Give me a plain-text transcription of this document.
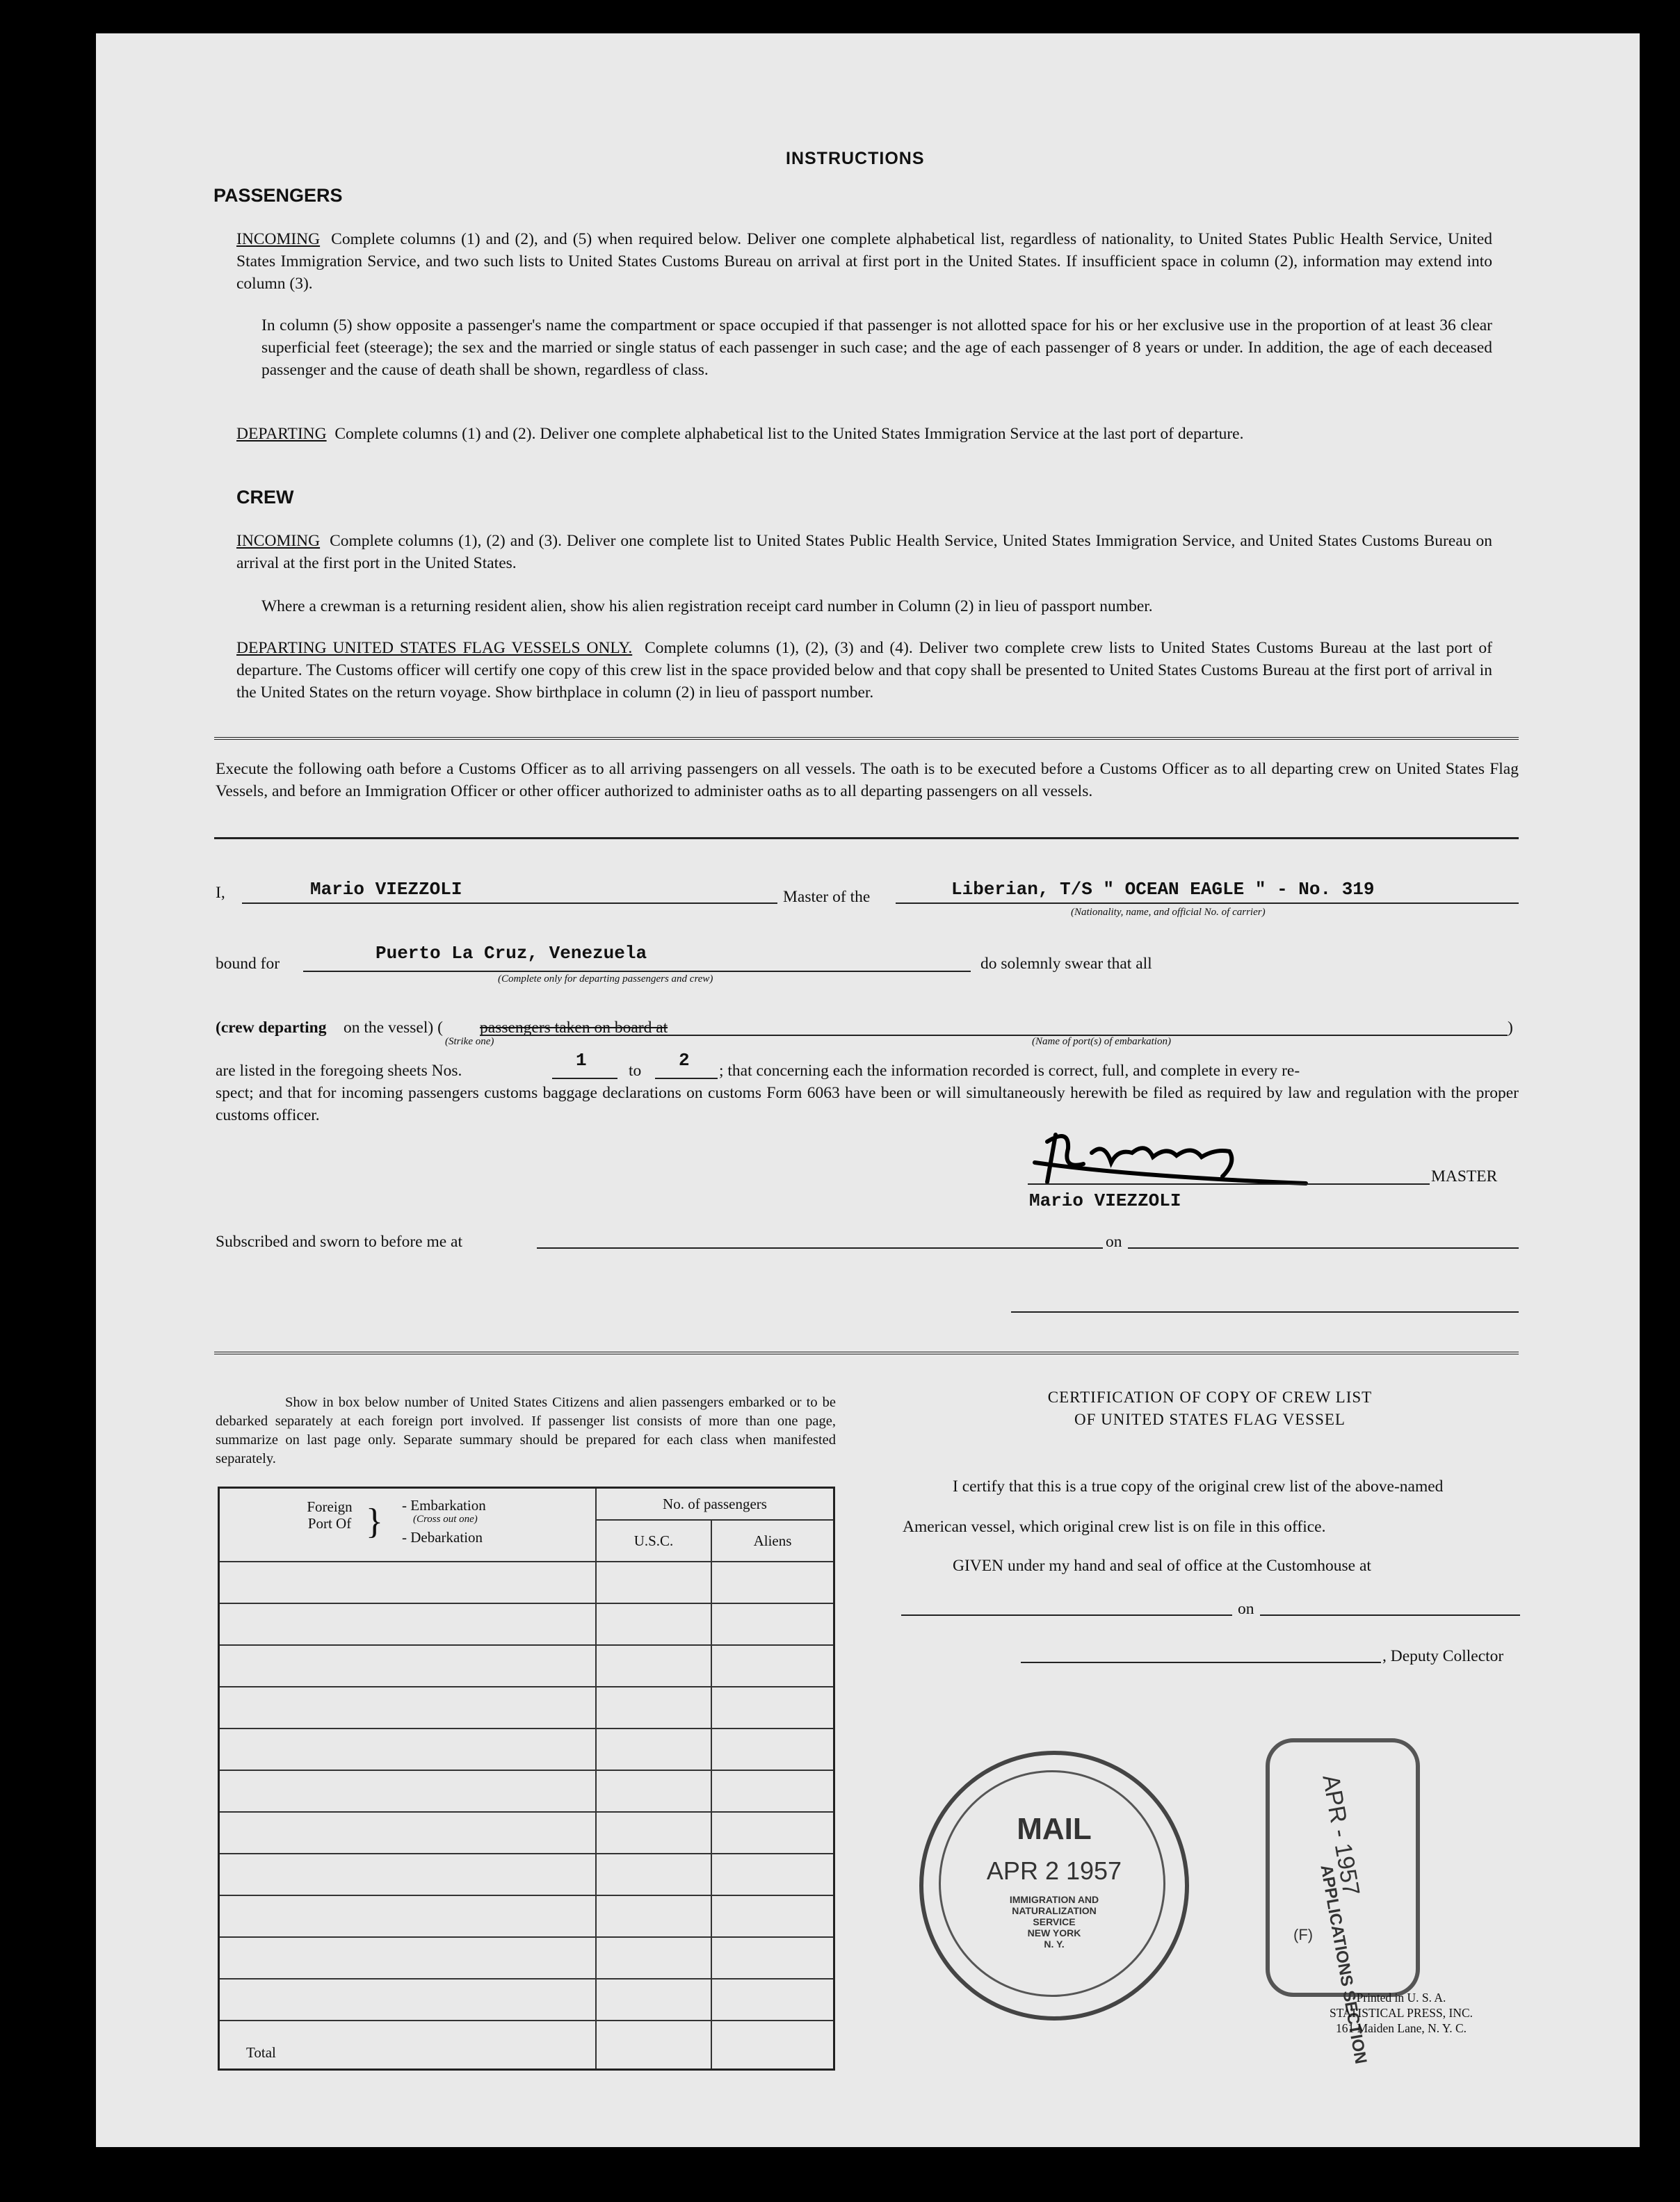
INSTRUCTIONS
PASSENGERS
INCOMING Complete columns (1) and (2), and (5) when required below. Deliver one complete alphabetical list, regardless of nationality, to United States Public Health Service, United States Immigration Service, and two such lists to United States Customs Bureau on arrival at first port in the United States. If insufficient space in column (2), information may extend into column (3).
In column (5) show opposite a passenger's name the compartment or space occupied if that passenger is not allotted space for his or her exclusive use in the proportion of at least 36 clear superficial feet (steerage); the sex and the married or single status of each passenger in such case; and the age of each passenger of 8 years or under. In addition, the age of each deceased passenger and the cause of death shall be shown, regardless of class.
DEPARTING Complete columns (1) and (2). Deliver one complete alphabetical list to the United States Immigration Service at the last port of departure.
CREW
INCOMING Complete columns (1), (2) and (3). Deliver one complete list to United States Public Health Service, United States Immigration Service, and United States Customs Bureau on arrival at the first port in the United States.
Where a crewman is a returning resident alien, show his alien registration receipt card number in Column (2) in lieu of passport number.
DEPARTING UNITED STATES FLAG VESSELS ONLY. Complete columns (1), (2), (3) and (4). Deliver two complete crew lists to United States Customs Bureau at the last port of departure. The Customs officer will certify one copy of this crew list in the space provided below and that copy shall be presented to United States Customs Bureau at the first port of arrival in the United States on the return voyage. Show birthplace in column (2) in lieu of passport number.
Execute the following oath before a Customs Officer as to all arriving passengers on all vessels. The oath is to be executed before a Customs Officer as to all departing crew on United States Flag Vessels, and before an Immigration Officer or other officer authorized to administer oaths as to all departing passengers on all vessels.
I,	Mario VIEZZOLI	Master of the	Liberian, T/S " OCEAN EAGLE " - No. 319
(Nationality, name, and official No. of carrier)
bound for	Puerto La Cruz, Venezuela
(Complete only for departing passengers and crew)
do solemnly swear that all
(crew departing on the vessel) ( passengers taken on board at	)
(Strike one)	(Name of port(s) of embarkation)
are listed in the foregoing sheets Nos.	1	to 2 ; that concerning each the information recorded is correct, full, and complete in every re-
spect; and that for incoming passengers customs baggage declarations on customs Form 6063 have been or will simultaneously herewith be filed as required by law and regulation with the proper customs officer.
MASTER
Mario VIEZZOLI
Subscribed and sworn to before me at	on
Show in box below number of United States Citizens and alien passengers embarked or to be debarked separately at each foreign port involved. If passenger list consists of more than one page, summarize on last page only. Separate summary should be prepared for each class when manifested separately.
Foreign Port Of } - Embarkation
(Cross out one)
- Debarkation	No. of passengers	
	U.S.C.	Aliens

Total		
CERTIFICATION OF COPY OF CREW LIST
OF UNITED STATES FLAG VESSEL
I certify that this is a true copy of the original crew list of the above-named
American vessel, which original crew list is on file in this office.
GIVEN under my hand and seal of office at the Customhouse at
on
, Deputy Collector
MAIL
APR 2 1957
IMMIGRATION AND
NATURALIZATION
SERVICE
NEW YORK
N. Y.	APPLICATIONS SECTION
APR - 1957
(F)
Printed in U. S. A.
STATISTICAL PRESS, INC.
161 Maiden Lane, N. Y. C.
